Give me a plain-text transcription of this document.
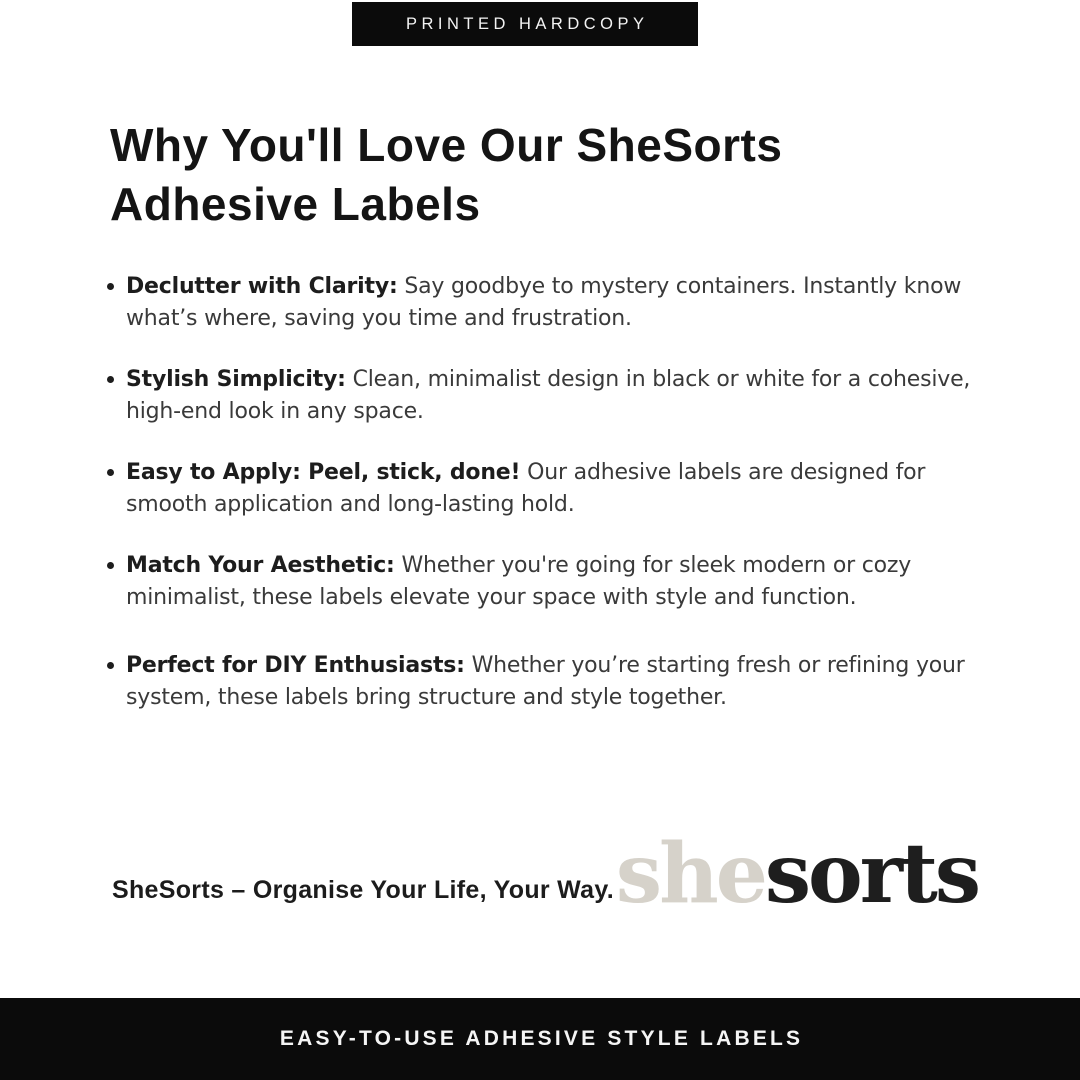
PRINTED HARDCOPY
Why You'll Love Our SheSorts Adhesive Labels
Declutter with Clarity: Say goodbye to mystery containers. Instantly know what’s where, saving you time and frustration.
Stylish Simplicity: Clean, minimalist design in black or white for a cohesive, high-end look in any space.
Easy to Apply: Peel, stick, done! Our adhesive labels are designed for smooth application and long-lasting hold.
Match Your Aesthetic: Whether you're going for sleek modern or cozy minimalist, these labels elevate your space with style and function.
Perfect for DIY Enthusiasts: Whether you’re starting fresh or refining your system, these labels bring structure and style together.
SheSorts – Organise Your Life, Your Way. shesorts
EASY-TO-USE ADHESIVE STYLE LABELS
